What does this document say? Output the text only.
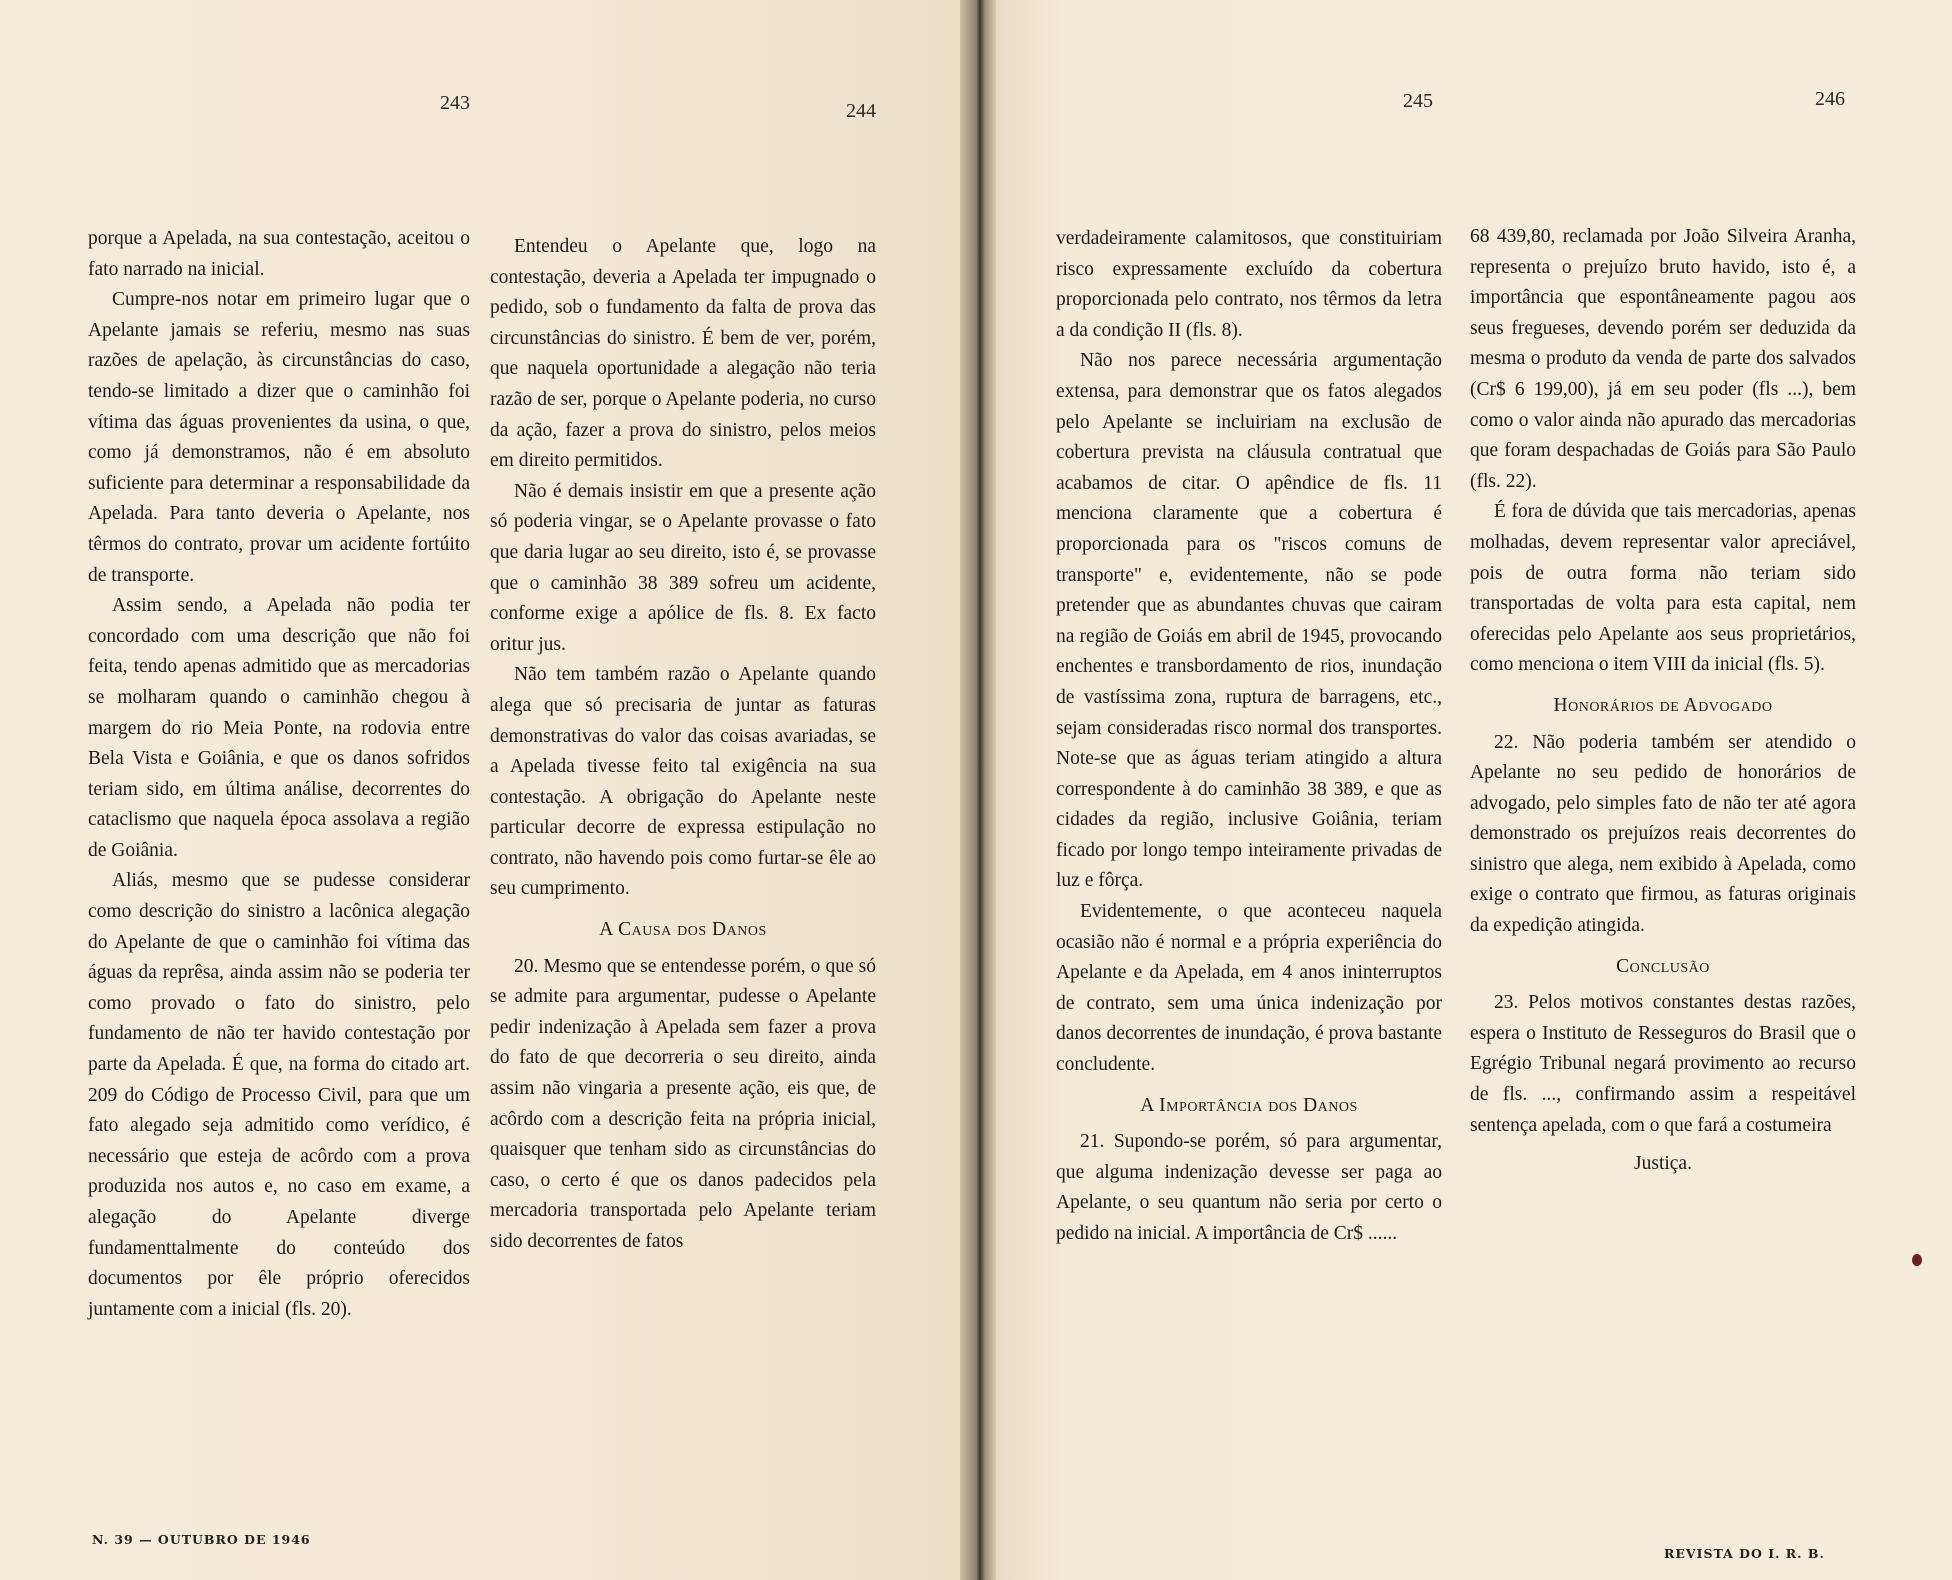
243	244	245	246

porque a Apelada, na sua contestação, aceitou o fato narrado na inicial.

Cumpre-nos notar em primeiro lugar que o Apelante jamais se referiu, mesmo nas suas razões de apelação, às circunstâncias do caso, tendo-se limitado a dizer que o caminhão foi vítima das águas provenientes da usina, o que, como já demonstramos, não é em absoluto suficiente para determinar a responsabilidade da Apelada. Para tanto deveria o Apelante, nos têrmos do contrato, provar um acidente fortúito de transporte.

Assim sendo, a Apelada não podia ter concordado com uma descrição que não foi feita, tendo apenas admitido que as mercadorias se molharam quando o caminhão chegou à margem do rio Meia Ponte, na rodovia entre Bela Vista e Goiânia, e que os danos sofridos teriam sido, em última análise, decorrentes do cataclismo que naquela época assolava a região de Goiânia.

Aliás, mesmo que se pudesse considerar como descrição do sinistro a lacônica alegação do Apelante de que o caminhão foi vítima das águas da reprêsa, ainda assim não se poderia ter como provado o fato do sinistro, pelo fundamento de não ter havido contestação por parte da Apelada. É que, na forma do citado art. 209 do Código de Processo Civil, para que um fato alegado seja admitido como verídico, é necessário que esteja de acôrdo com a prova produzida nos autos e, no caso em exame, a alegação do Apelante diverge fundamenttalmente do conteúdo dos documentos por êle próprio oferecidos juntamente com a inicial (fls. 20).

Entendeu o Apelante que, logo na contestação, deveria a Apelada ter impugnado o pedido, sob o fundamento da falta de prova das circunstâncias do sinistro. É bem de ver, porém, que naquela oportunidade a alegação não teria razão de ser, porque o Apelante poderia, no curso da ação, fazer a prova do sinistro, pelos meios em direito permitidos.

Não é demais insistir em que a presente ação só poderia vingar, se o Apelante provasse o fato que daria lugar ao seu direito, isto é, se provasse que o caminhão 38 389 sofreu um acidente, conforme exige a apólice de fls. 8. Ex facto oritur jus.

Não tem também razão o Apelante quando alega que só precisaria de juntar as faturas demonstrativas do valor das coisas avariadas, se a Apelada tivesse feito tal exigência na sua contestação. A obrigação do Apelante neste particular decorre de expressa estipulação no contrato, não havendo pois como furtar-se êle ao seu cumprimento.

A Causa dos Danos

20. Mesmo que se entendesse porém, o que só se admite para argumentar, pudesse o Apelante pedir indenização à Apelada sem fazer a prova do fato de que decorreria o seu direito, ainda assim não vingaria a presente ação, eis que, de acôrdo com a descrição feita na própria inicial, quaisquer que tenham sido as circunstâncias do caso, o certo é que os danos padecidos pela mercadoria transportada pelo Apelante teriam sido decorrentes de fatos

verdadeiramente calamitosos, que constituiriam risco expressamente excluído da cobertura proporcionada pelo contrato, nos têrmos da letra a da condição II (fls. 8).

Não nos parece necessária argumentação extensa, para demonstrar que os fatos alegados pelo Apelante se incluiriam na exclusão de cobertura prevista na cláusula contratual que acabamos de citar. O apêndice de fls. 11 menciona claramente que a cobertura é proporcionada para os "riscos comuns de transporte" e, evidentemente, não se pode pretender que as abundantes chuvas que cairam na região de Goiás em abril de 1945, provocando enchentes e transbordamento de rios, inundação de vastíssima zona, ruptura de barragens, etc., sejam consideradas risco normal dos transportes. Note-se que as águas teriam atingido a altura correspondente à do caminhão 38 389, e que as cidades da região, inclusive Goiânia, teriam ficado por longo tempo inteiramente privadas de luz e fôrça.

Evidentemente, o que aconteceu naquela ocasião não é normal e a própria experiência do Apelante e da Apelada, em 4 anos ininterruptos de contrato, sem uma única indenização por danos decorrentes de inundação, é prova bastante concludente.

A Importância dos Danos

21. Supondo-se porém, só para argumentar, que alguma indenização devesse ser paga ao Apelante, o seu quantum não seria por certo o pedido na inicial. A importância de Cr$ ......

68 439,80, reclamada por João Silveira Aranha, representa o prejuízo bruto havido, isto é, a importância que espontâneamente pagou aos seus fregueses, devendo porém ser deduzida da mesma o produto da venda de parte dos salvados (Cr$ 6 199,00), já em seu poder (fls ...), bem como o valor ainda não apurado das mercadorias que foram despachadas de Goiás para São Paulo (fls. 22).

É fora de dúvida que tais mercadorias, apenas molhadas, devem representar valor apreciável, pois de outra forma não teriam sido transportadas de volta para esta capital, nem oferecidas pelo Apelante aos seus proprietários, como menciona o item VIII da inicial (fls. 5).

Honorários de Advogado

22. Não poderia também ser atendido o Apelante no seu pedido de honorários de advogado, pelo simples fato de não ter até agora demonstrado os prejuízos reais decorrentes do sinistro que alega, nem exibido à Apelada, como exige o contrato que firmou, as faturas originais da expedição atingida.

Conclusão

23. Pelos motivos constantes destas razões, espera o Instituto de Resseguros do Brasil que o Egrégio Tribunal negará provimento ao recurso de fls. ..., confirmando assim a respeitável sentença apelada, com o que fará a costumeira

Justiça.

N. 39 — OUTUBRO DE 1946
REVISTA DO I. R. B.
